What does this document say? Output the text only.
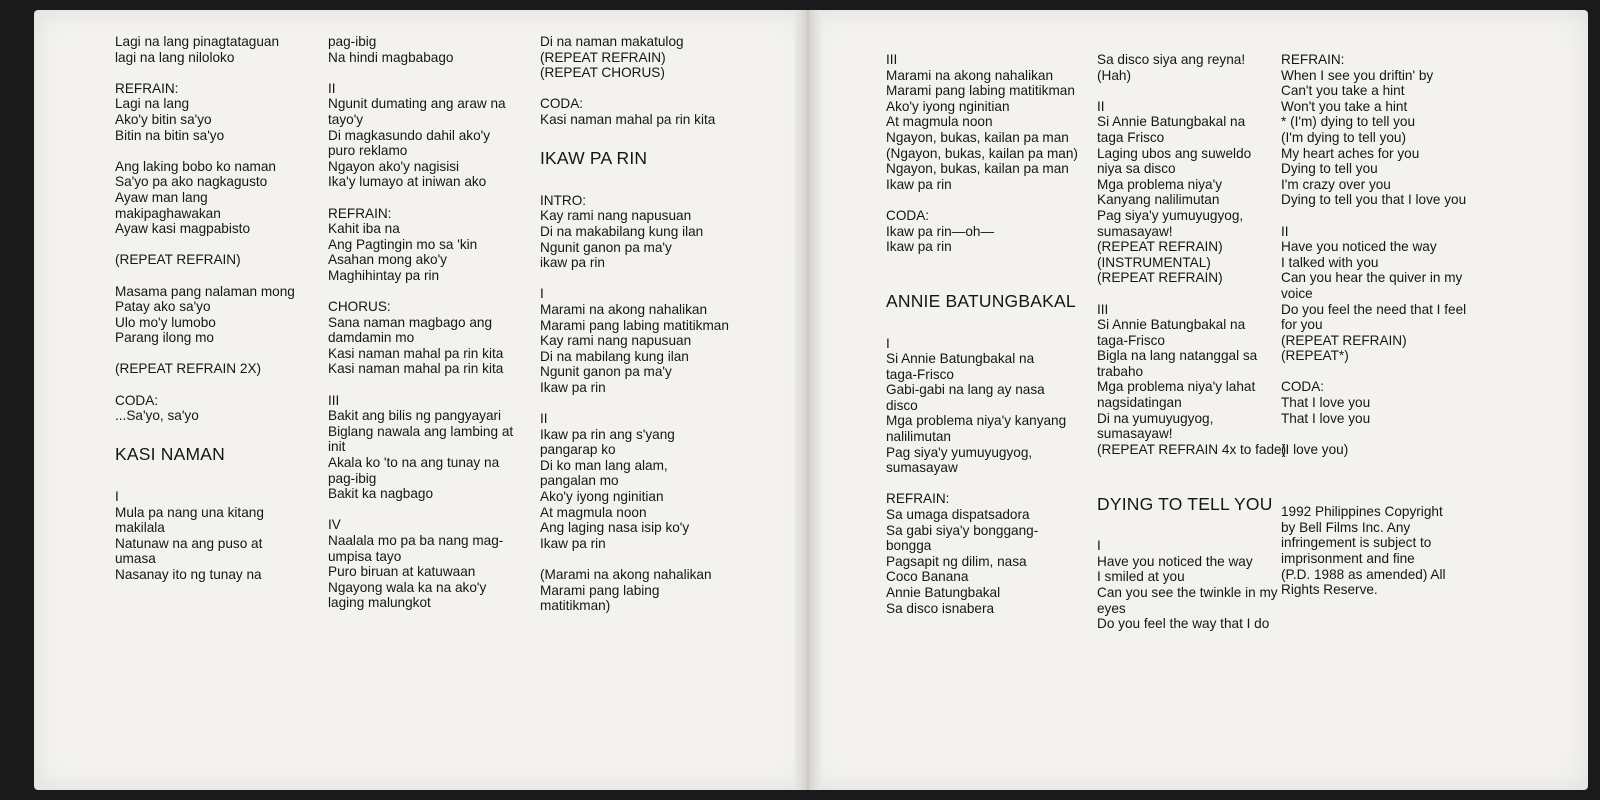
Lagi na lang pinagtataguan
lagi na lang niloloko
REFRAIN:
Lagi na lang
Ako'y bitin sa'yo
Bitin na bitin sa'yo
Ang laking bobo ko naman
Sa'yo pa ako nagkagusto
Ayaw man lang
makipaghawakan
Ayaw kasi magpabisto
(REPEAT REFRAIN)
Masama pang nalaman mong
Patay ako sa'yo
Ulo mo'y lumobo
Parang ilong mo
(REPEAT REFRAIN 2X)
CODA:
...Sa'yo, sa'yo
KASI NAMAN
I
Mula pa nang una kitang
makilala
Natunaw na ang puso at
umasa
Nasanay ito ng tunay na
pag-ibig
Na hindi magbabago
II
Ngunit dumating ang araw na
tayo'y
Di magkasundo dahil ako'y
puro reklamo
Ngayon ako'y nagisisi
Ika'y lumayo at iniwan ako
REFRAIN:
Kahit iba na
Ang Pagtingin mo sa 'kin
Asahan mong ako'y
Maghihintay pa rin
CHORUS:
Sana naman magbago ang
damdamin mo
Kasi naman mahal pa rin kita
Kasi naman mahal pa rin kita
III
Bakit ang bilis ng pangyayari
Biglang nawala ang lambing at
init
Akala ko 'to na ang tunay na
pag-ibig
Bakit ka nagbago
IV
Naalala mo pa ba nang mag-
umpisa tayo
Puro biruan at katuwaan
Ngayong wala ka na ako'y
laging malungkot
Di na naman makatulog
(REPEAT REFRAIN)
(REPEAT CHORUS)
CODA:
Kasi naman mahal pa rin kita
IKAW PA RIN
INTRO:
Kay rami nang napusuan
Di na makabilang kung ilan
Ngunit ganon pa ma'y
ikaw pa rin
I
Marami na akong nahalikan
Marami pang labing matitikman
Kay rami nang napusuan
Di na mabilang kung ilan
Ngunit ganon pa ma'y
Ikaw pa rin
II
Ikaw pa rin ang s'yang
pangarap ko
Di ko man lang alam,
pangalan mo
Ako'y iyong nginitian
At magmula noon
Ang laging nasa isip ko'y
Ikaw pa rin
(Marami na akong nahalikan
Marami pang labing
matitikman)
III
Marami na akong nahalikan
Marami pang labing matitikman
Ako'y iyong nginitian
At magmula noon
Ngayon, bukas, kailan pa man
(Ngayon, bukas, kailan pa man)
Ngayon, bukas, kailan pa man
Ikaw pa rin
CODA:
Ikaw pa rin—oh—
Ikaw pa rin
ANNIE BATUNGBAKAL
I
Si Annie Batungbakal na
taga-Frisco
Gabi-gabi na lang ay nasa
disco
Mga problema niya'y kanyang
nalilimutan
Pag siya'y yumuyugyog,
sumasayaw
REFRAIN:
Sa umaga dispatsadora
Sa gabi siya'y bonggang-
bongga
Pagsapit ng dilim, nasa
Coco Banana
Annie Batungbakal
Sa disco isnabera
Sa disco siya ang reyna!
(Hah)
II
Si Annie Batungbakal na
taga Frisco
Laging ubos ang suweldo
niya sa disco
Mga problema niya'y
Kanyang nalilimutan
Pag siya'y yumuyugyog,
sumasayaw!
(REPEAT REFRAIN)
(INSTRUMENTAL)
(REPEAT REFRAIN)
III
Si Annie Batungbakal na
taga-Frisco
Bigla na lang natanggal sa
trabaho
Mga problema niya'y lahat
nagsidatingan
Di na yumuyugyog,
sumasayaw!
(REPEAT REFRAIN 4x to fade)
DYING TO TELL YOU
I
Have you noticed the way
I smiled at you
Can you see the twinkle in my
eyes
Do you feel the way that I do
REFRAIN:
When I see you driftin' by
Can't you take a hint
Won't you take a hint
* (I'm) dying to tell you
(I'm dying to tell you)
My heart aches for you
Dying to tell you
I'm crazy over you
Dying to tell you that I love you
II
Have you noticed the way
I talked with you
Can you hear the quiver in my
voice
Do you feel the need that I feel
for you
(REPEAT REFRAIN)
(REPEAT*)
CODA:
That I love you
That I love you
(I love you)
1992 Philippines Copyright
by Bell Films Inc. Any
infringement is subject to
imprisonment and fine
(P.D. 1988 as amended) All
Rights Reserve.
